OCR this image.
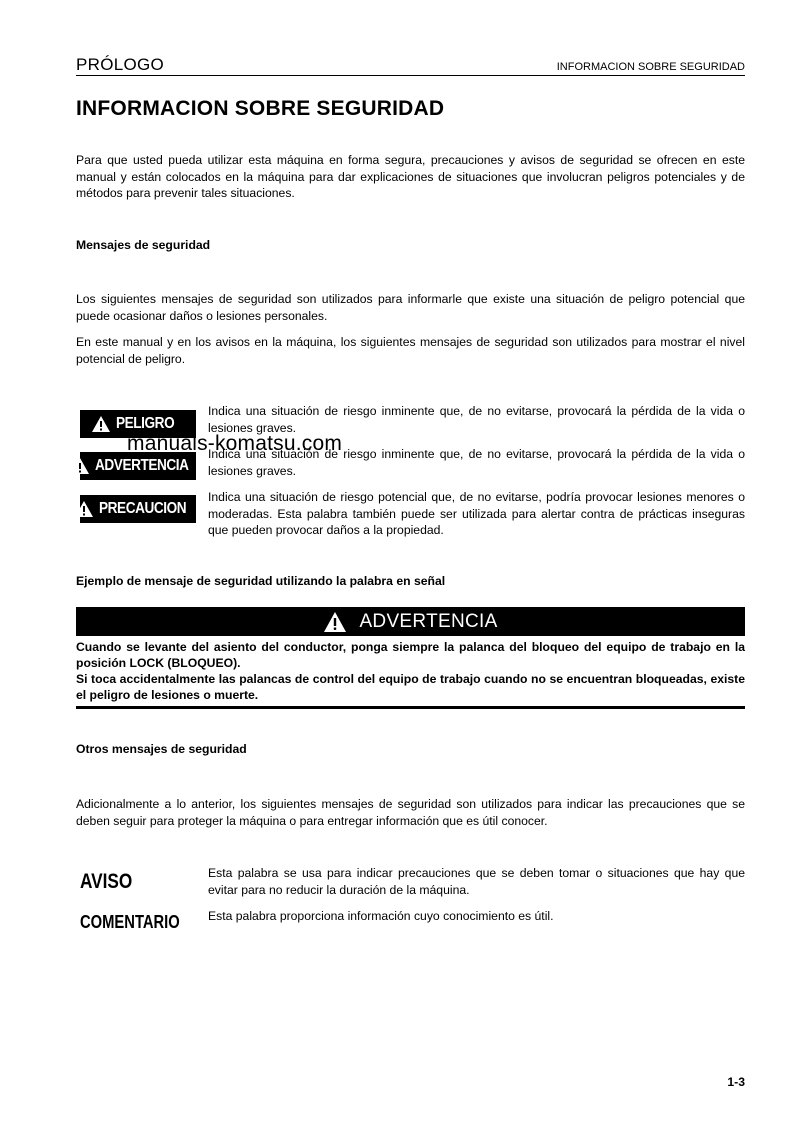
PRÓLOGO	INFORMACION SOBRE SEGURIDAD
INFORMACION SOBRE SEGURIDAD
Para que usted pueda utilizar esta máquina en forma segura, precauciones y avisos de seguridad se ofrecen en este manual y están colocados en la máquina para dar explicaciones de situaciones que involucran peligros potenciales y de métodos para prevenir tales situaciones.
Mensajes de seguridad
Los siguientes mensajes de seguridad son utilizados para informarle que existe una situación de peligro potencial que puede ocasionar daños o lesiones personales.
En este manual y en los avisos en la máquina, los siguientes mensajes de seguridad son utilizados para mostrar el nivel potencial de peligro.
PELIGRO
Indica una situación de riesgo inminente que, de no evitarse, provocará la pérdida de la vida o lesiones graves.
ADVERTENCIA
Indica una situación de riesgo inminente que, de no evitarse, provocará la pérdida de la vida o lesiones graves.
manuals-komatsu.com
PRECAUCION
Indica una situación de riesgo potencial que, de no evitarse, podría provocar lesiones menores o moderadas. Esta palabra también puede ser utilizada para alertar contra de prácticas inseguras que pueden provocar daños a la propiedad.
Ejemplo de mensaje de seguridad utilizando la palabra en señal
ADVERTENCIA
Cuando se levante del asiento del conductor, ponga siempre la palanca del bloqueo del equipo de trabajo en la posición LOCK (BLOQUEO).
Si toca accidentalmente las palancas de control del equipo de trabajo cuando no se encuentran bloqueadas, existe el peligro de lesiones o muerte.
Otros mensajes de seguridad
Adicionalmente a lo anterior, los siguientes mensajes de seguridad son utilizados para indicar las precauciones que se deben seguir para proteger la máquina o para entregar información que es útil conocer.
AVISO	Esta palabra se usa para indicar precauciones que se deben tomar o situaciones que hay que evitar para no reducir la duración de la máquina.
COMENTARIO Esta palabra proporciona información cuyo conocimiento es útil.
1-3
